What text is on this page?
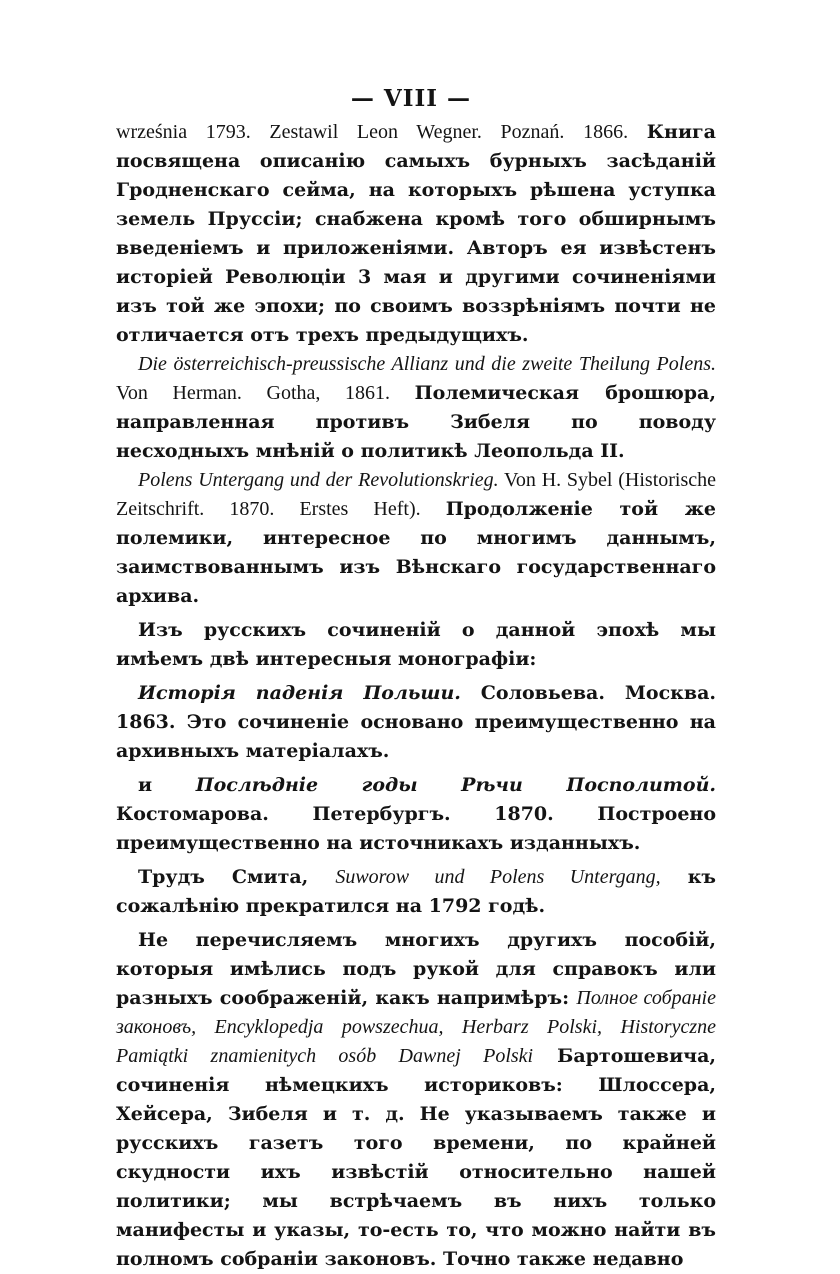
— VIII —

września 1793. Zestawil Leon Wegner. Poznań. 1866. Книга посвящена описанію самыхъ бурныхъ засѣданій Гродненскаго сейма, на которыхъ рѣшена уступка земель Пруссіи; снабжена кромѣ того обширнымъ введеніемъ и приложеніями. Авторъ ея извѣстенъ исторіей Революціи 3 мая и другими сочиненіями изъ той же эпохи; по своимъ воззрѣніямъ почти не отличается отъ трехъ предыдущихъ.

Die österreichisch-preussische Allianz und die zweite Theilung Polens. Von Herman. Gotha, 1861. Полемическая брошюра, направленная противъ Зибеля по поводу несходныхъ мнѣній о политикѣ Леопольда II.

Polens Untergang und der Revolutionskrieg. Von H. Sybel (Historische Zeitschrift. 1870. Erstes Heft). Продолженіе той же полемики, интересное по многимъ даннымъ, заимствованнымъ изъ Вѣнскаго государственнаго архива.

Изъ русскихъ сочиненій о данной эпохѣ мы имѣемъ двѣ интересныя монографіи:

Исторія паденія Польши. Соловьева. Москва. 1863. Это сочиненіе основано преимущественно на архивныхъ матеріалахъ.

и Послѣдніе годы Рѣчи Посполитой. Костомарова. Петербургъ. 1870. Построено преимущественно на источникахъ изданныхъ.

Трудъ Смита, Suworow und Polens Untergang, къ сожалѣнію прекратился на 1792 годѣ.

Не перечисляемъ многихъ другихъ пособій, которыя имѣлись подъ рукой для справокъ или разныхъ соображеній, какъ напримѣръ: Полное собраніе законовъ, Encyklopedja powszechua, Herbarz Polski, Historyczne Pamiątki znamienitych osób Dawnej Polski Бартошевича, сочиненія нѣмецкихъ историковъ: Шлоссера, Хейсера, Зибеля и т. д. Не указываемъ также и русскихъ газетъ того времени, по крайней скудности ихъ извѣстій относительно нашей политики; мы встрѣчаемъ въ нихъ только манифесты и указы, то-есть то, что можно найти въ полномъ собраніи законовъ. Точно также недавно
